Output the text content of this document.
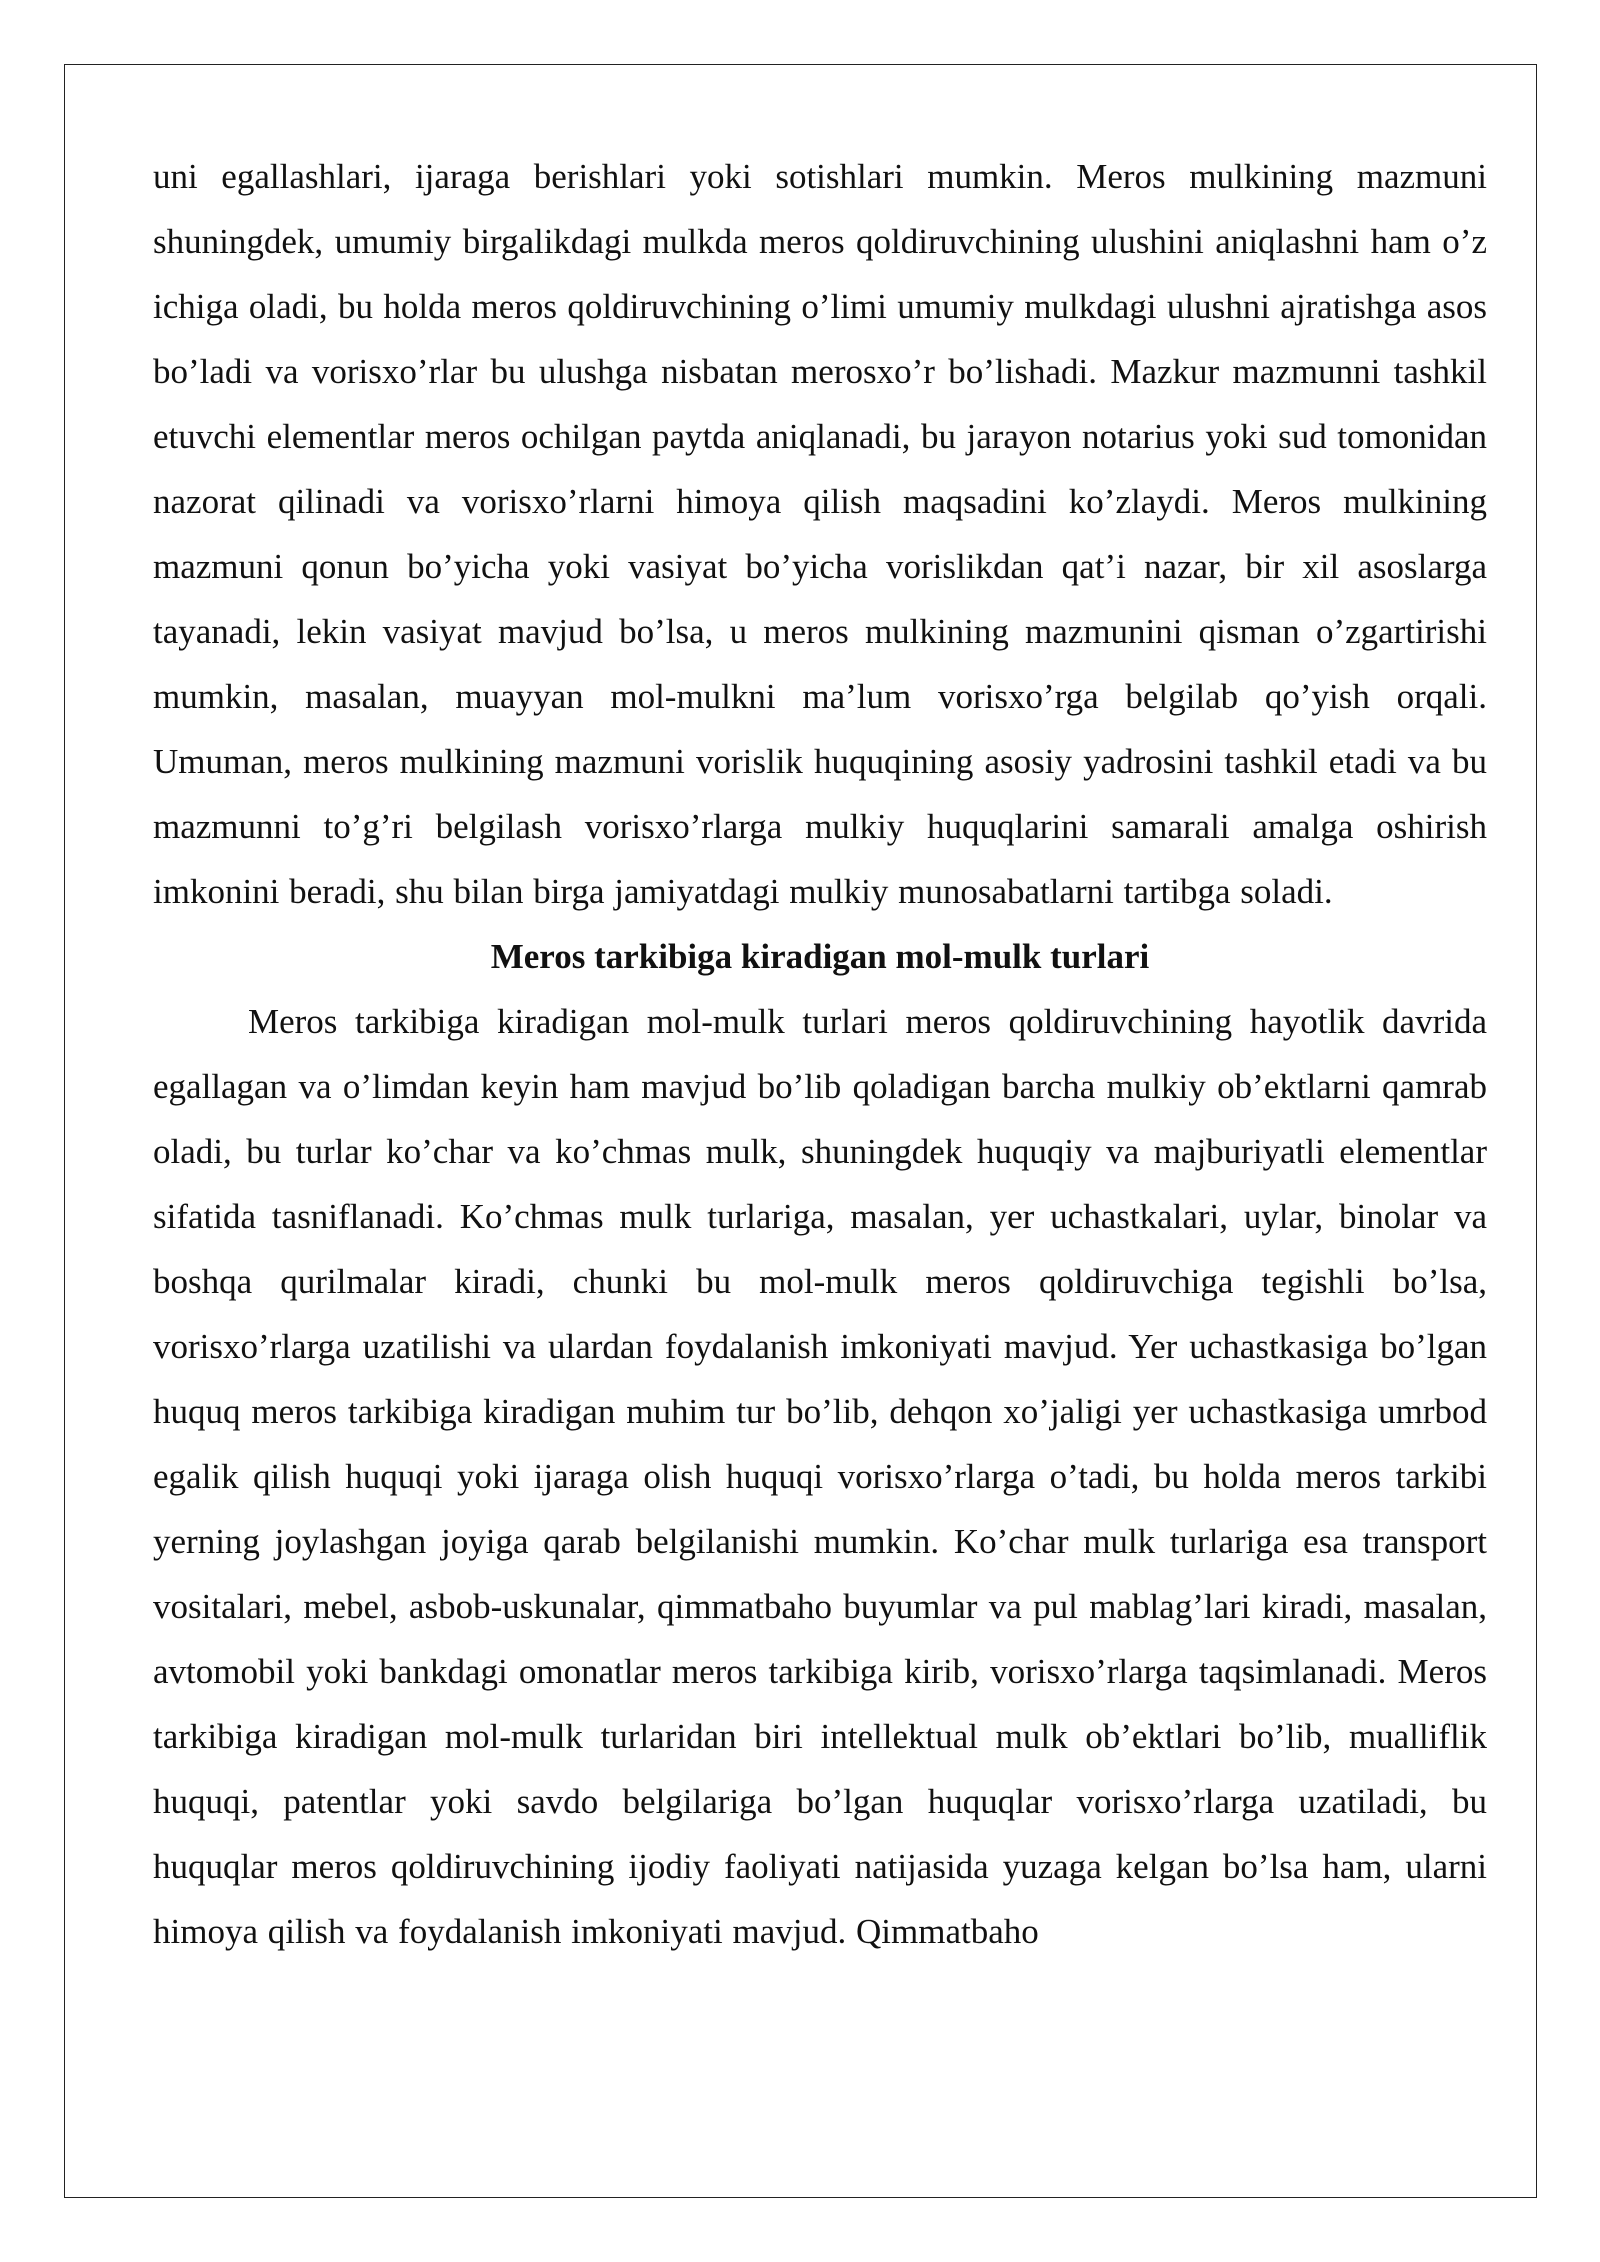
uni egallashlari, ijaraga berishlari yoki sotishlari mumkin. Meros mulkining mazmuni shuningdek, umumiy birgalikdagi mulkda meros qoldiruvchining ulushini aniqlashni ham o’z ichiga oladi, bu holda meros qoldiruvchining o’limi umumiy mulkdagi ulushni ajratishga asos bo’ladi va vorisxo’rlar bu ulushga nisbatan merosxo’r bo’lishadi. Mazkur mazmunni tashkil etuvchi elementlar meros ochilgan paytda aniqlanadi, bu jarayon notarius yoki sud tomonidan nazorat qilinadi va vorisxo’rlarni himoya qilish maqsadini ko’zlaydi. Meros mulkining mazmuni qonun bo’yicha yoki vasiyat bo’yicha vorislikdan qat’i nazar, bir xil asoslarga tayanadi, lekin vasiyat mavjud bo’lsa, u meros mulkining mazmunini qisman o’zgartirishi mumkin, masalan, muayyan mol-mulkni ma’lum vorisxo’rga belgilab qo’yish orqali. Umuman, meros mulkining mazmuni vorislik huquqining asosiy yadrosini tashkil etadi va bu mazmunni to’g’ri belgilash vorisxo’rlarga mulkiy huquqlarini samarali amalga oshirish imkonini beradi, shu bilan birga jamiyatdagi mulkiy munosabatlarni tartibga soladi.

Meros tarkibiga kiradigan mol-mulk turlari

Meros tarkibiga kiradigan mol-mulk turlari meros qoldiruvchining hayotlik davrida egallagan va o’limdan keyin ham mavjud bo’lib qoladigan barcha mulkiy ob’ektlarni qamrab oladi, bu turlar ko’char va ko’chmas mulk, shuningdek huquqiy va majburiyatli elementlar sifatida tasniflanadi. Ko’chmas mulk turlariga, masalan, yer uchastkalari, uylar, binolar va boshqa qurilmalar kiradi, chunki bu mol-mulk meros qoldiruvchiga tegishli bo’lsa, vorisxo’rlarga uzatilishi va ulardan foydalanish imkoniyati mavjud. Yer uchastkasiga bo’lgan huquq meros tarkibiga kiradigan muhim tur bo’lib, dehqon xo’jaligi yer uchastkasiga umrbod egalik qilish huquqi yoki ijaraga olish huquqi vorisxo’rlarga o’tadi, bu holda meros tarkibi yerning joylashgan joyiga qarab belgilanishi mumkin. Ko’char mulk turlariga esa transport vositalari, mebel, asbob-uskunalar, qimmatbaho buyumlar va pul mablag’lari kiradi, masalan, avtomobil yoki bankdagi omonatlar meros tarkibiga kirib, vorisxo’rlarga taqsimlanadi. Meros tarkibiga kiradigan mol-mulk turlaridan biri intellektual mulk ob’ektlari bo’lib, mualliflik huquqi, patentlar yoki savdo belgilariga bo’lgan huquqlar vorisxo’rlarga uzatiladi, bu huquqlar meros qoldiruvchining ijodiy faoliyati natijasida yuzaga kelgan bo’lsa ham, ularni himoya qilish va foydalanish imkoniyati mavjud. Qimmatbaho
